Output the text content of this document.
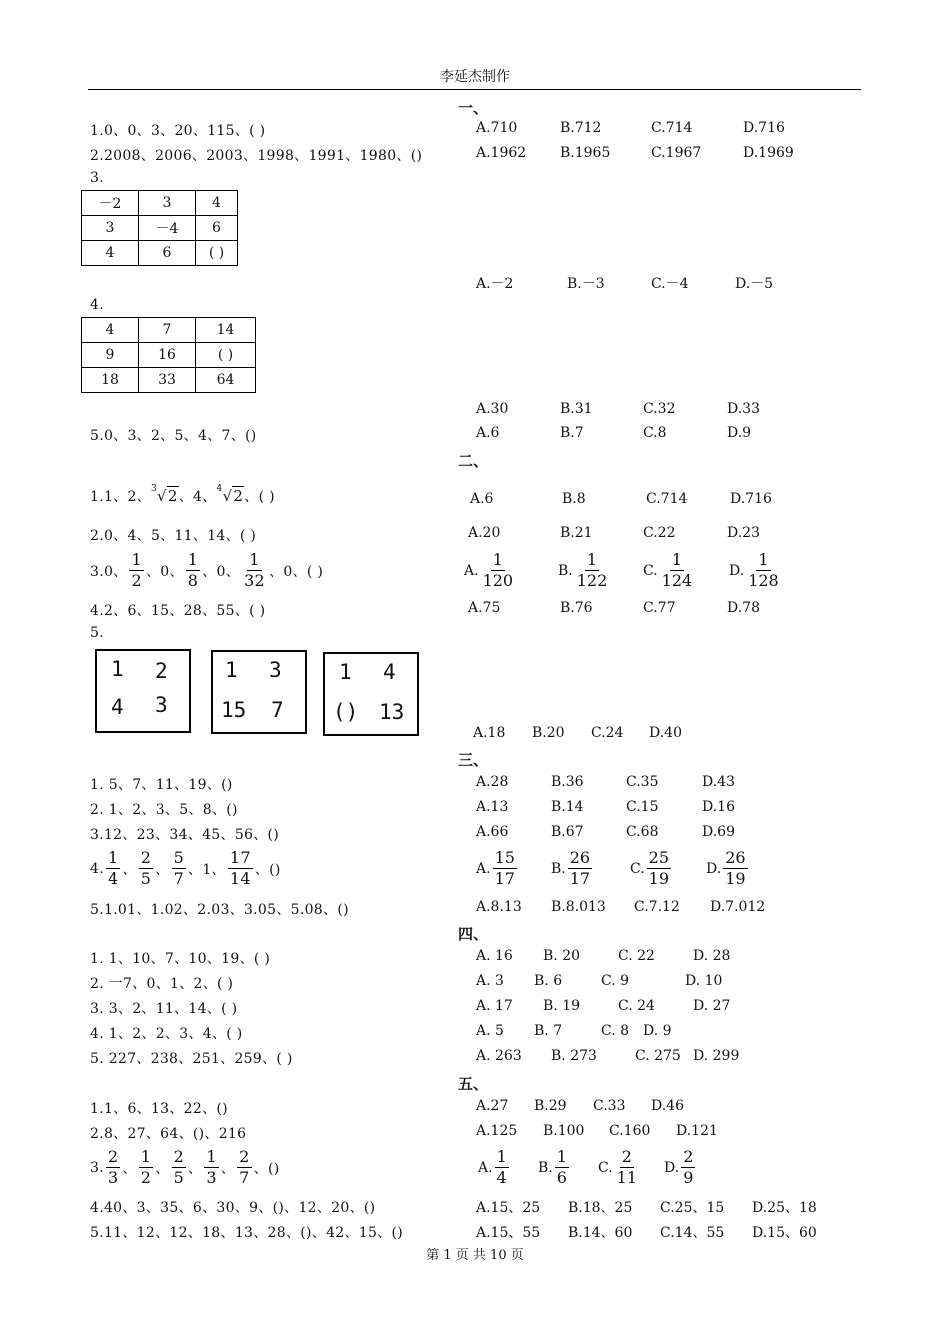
李延杰制作
一、
1.0、0、3、20、115、( )	A.710	B.712	C.714	D.716
2.2008、2006、2003、1998、1991、1980、()	A.1962 B.1965	C.1967	D.1969
3.
－2	3	4
3	－4	6
4	6	( )
A.－2	B.－3	C.－4	D.－5
4.
4	7	14
9	16	( )
18	33	64
A.30	B.31	C.32	D.33
5.0、3、2、5、4、7、()	A.6	B.7	C.8	D.9
二、
1.1、2、$^3$√2、4、$^4$√2、( )	A.6	B.8	C.714	D.716
2.0、4、5、11、14、( )	A.20	B.21	C.22	D.23
3.0、 $\frac{1}{2}$ 、0、 $\frac{1}{8}$ 、0、 $\frac{1}{32}$ 、0、( )	A. $\frac{1}{120}$	B. $\frac{1}{122} C$. $\frac{1}{124} D$. $\frac{1}{128}$
4.2、6、15、28、55、( )	A.75	B.76	C.77	D.78
5.
1 2
4 3
1 3
15 7
1 4
() 13
A.18 B.20 C.24 D.40
三、
1. 5、7、11、19、()	A.28	B.36	C.35	D.43
2. 1、2、3、5、8、()	A.13	B.14	C.15	D.16
3.12、23、34、45、56、()	A.66	B.67	C.68	D.69
4. $\frac{1}{4}$ 、 $\frac{2}{5}$ 、 $\frac{5}{7}$ 、1、 $\frac{17}{14}$ 、()	A. $\frac{15}{17} B$. $\frac{26}{17}$	C. $\frac{25}{19} D$. $\frac{26}{19}$
5.1.01、1.02、2.03、3.05、5.08、()	A.8.13 B.8.013 C.7.12 D.7.012
四、
1. 1、10、7、10、19、( )	A. 16 B. 20	C. 22	D. 28
2. 一7、0、1、2、( )	A. 3 B. 6	C. 9	D. 10
3. 3、2、11、14、( )	A. 17 B. 19	C. 24	D. 27
4. 1、2、2、3、4、( )	A. 5 B. 7	C. 8 D. 9
5. 227、238、251、259、( )	A. 263 B. 273	C. 275 D. 299
五、
1.1、6、13、22、()	A.27 B.29 C.33 D.46
2.8、27、64、()、216	A.125 B.100 C.160 D.121
3. $\frac{2}{3}$ 、 $\frac{1}{2}$ 、 $\frac{2}{5}$ 、 $\frac{1}{3}$ 、 $\frac{2}{7}$ 、()	A. $\frac{1}{4} B$. $\frac{1}{6} C$. $\frac{2}{11} D$. $\frac{2}{9}$
4.40、3、35、6、30、9、()、12、20、()	A.15、25 B.18、25 C.25、15 D.25、18
5.11、12、12、18、13、28、()、42、15、()	A.15、55 B.14、60 C.14、55 D.15、60
第 1 页 共 10 页
